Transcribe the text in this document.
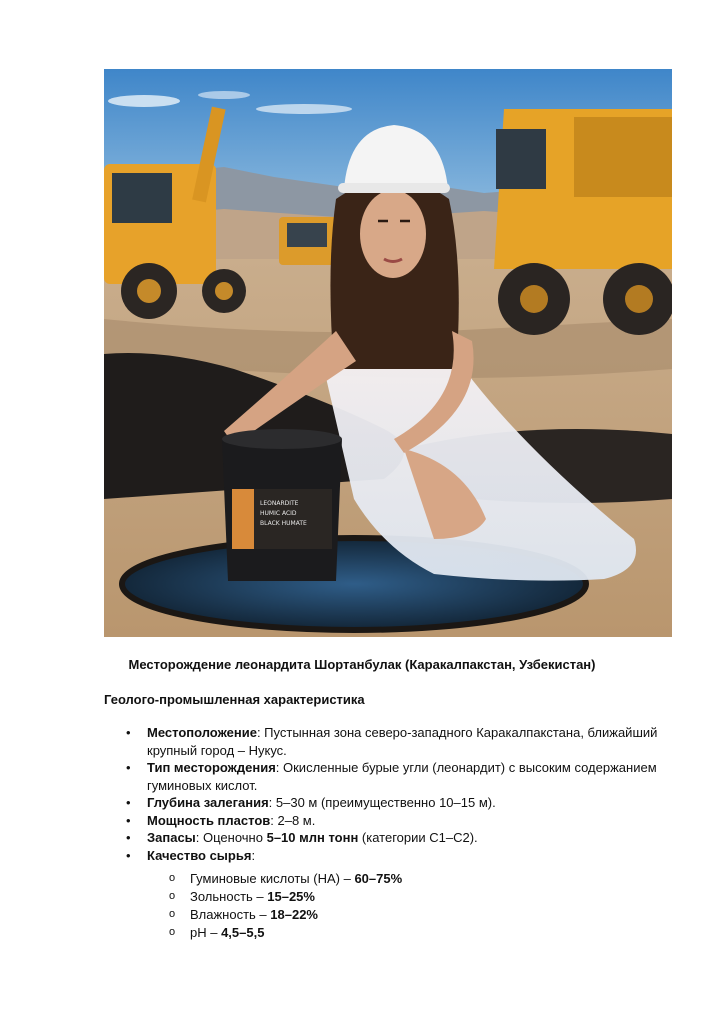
LEONARDITE
HUMIC ACID
BLACK HUMATE
Месторождение леонардита Шортанбулак (Каракалпакстан, Узбекистан)
Геолого-промышленная характеристика
• Местоположение: Пустынная зона северо-западного Каракалпакстана, ближайший крупный город – Нукус.
• Тип месторождения: Окисленные бурые угли (леонардит) с высоким содержанием гуминовых кислот.
• Глубина залегания: 5–30 м (преимущественно 10–15 м).
• Мощность пластов: 2–8 м.
• Запасы: Оценочно 5–10 млн тонн (категории С1–С2).
• Качество сырья:
o Гуминовые кислоты (HA) – 60–75%
o Зольность – 15–25%
o Влажность – 18–22%
o pH – 4,5–5,5
